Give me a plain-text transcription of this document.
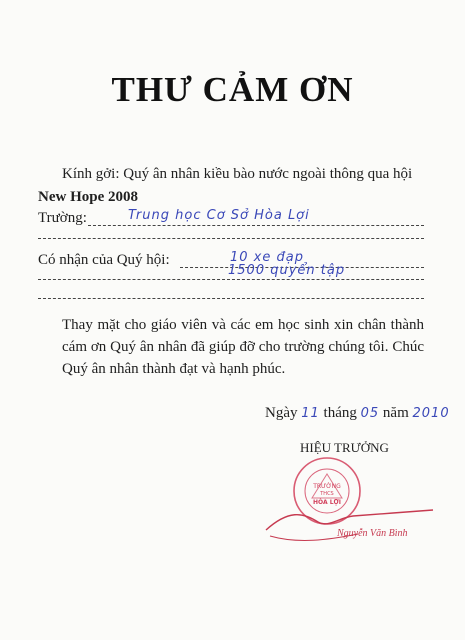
THƯ CẢM ƠN
Kính gởi: Quý ân nhân kiều bào nước ngoài thông qua hội
New Hope 2008
Trường:	Trung học Cơ Sở Hòa Lợi
Có nhận của Quý hội:	10 xe đạp
1500 quyển tập
Thay mặt cho giáo viên và các em học sinh xin chân thành cám ơn Quý ân nhân đã giúp đỡ cho trường chúng tôi. Chúc Quý ân nhân thành đạt và hạnh phúc.
Ngày 11 tháng 05 năm 2010
HIỆU TRƯỞNG
TRƯỜNG
THCS
HÒA LỢI
Nguyễn Văn Bình
